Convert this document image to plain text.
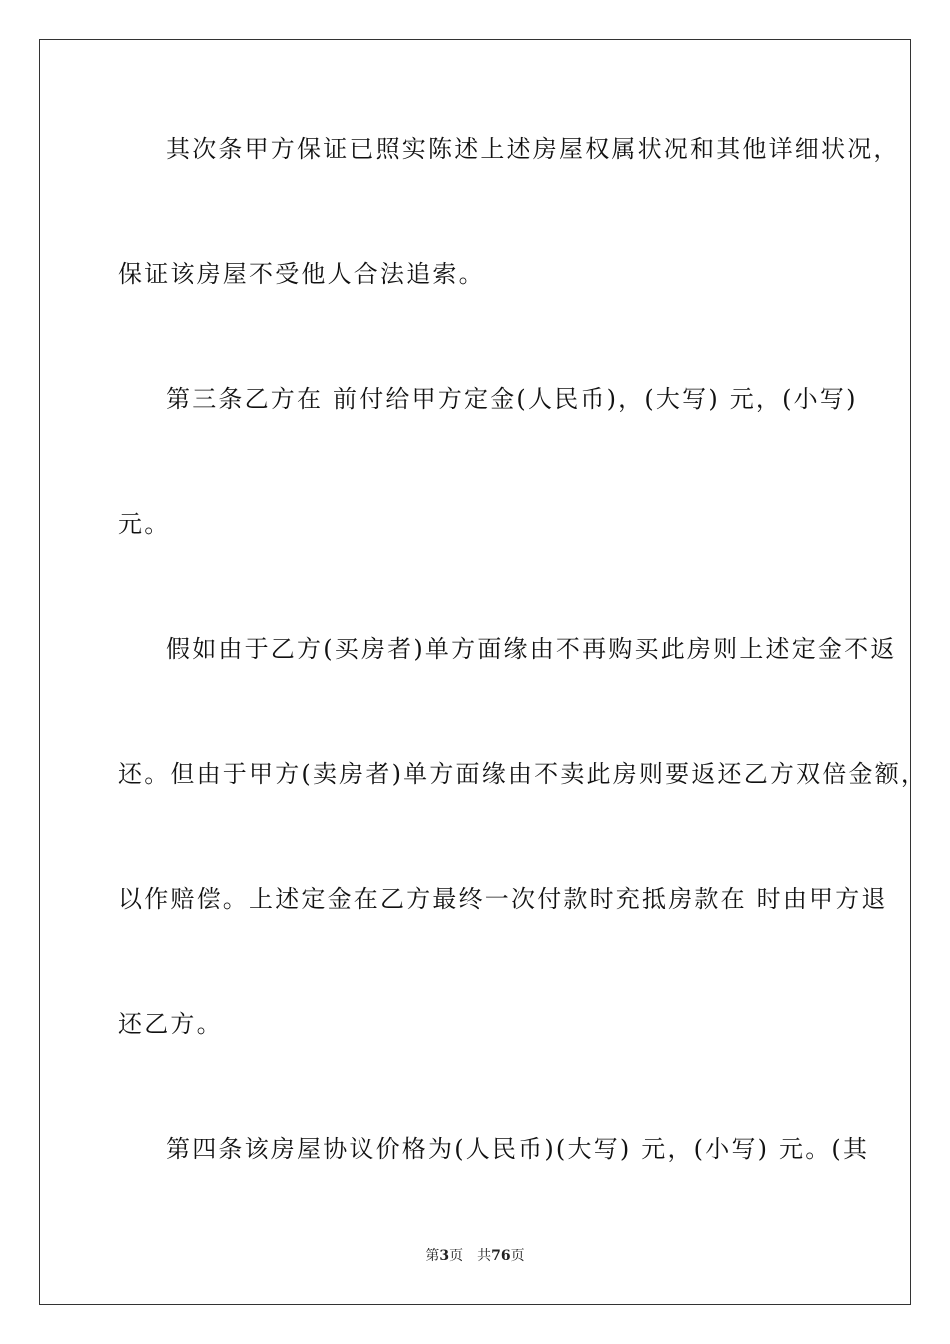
其次条甲方保证已照实陈述上述房屋权属状况和其他详细状况，
保证该房屋不受他人合法追索。
第三条乙方在 前付给甲方定金(人民币)，(大写) 元，(小写)
元。
假如由于乙方(买房者)单方面缘由不再购买此房则上述定金不返
还。但由于甲方(卖房者)单方面缘由不卖此房则要返还乙方双倍金额，
以作赔偿。上述定金在乙方最终一次付款时充抵房款在 时由甲方退
还乙方。
第四条该房屋协议价格为(人民币)(大写) 元，(小写) 元。(其
第3页 共76页
